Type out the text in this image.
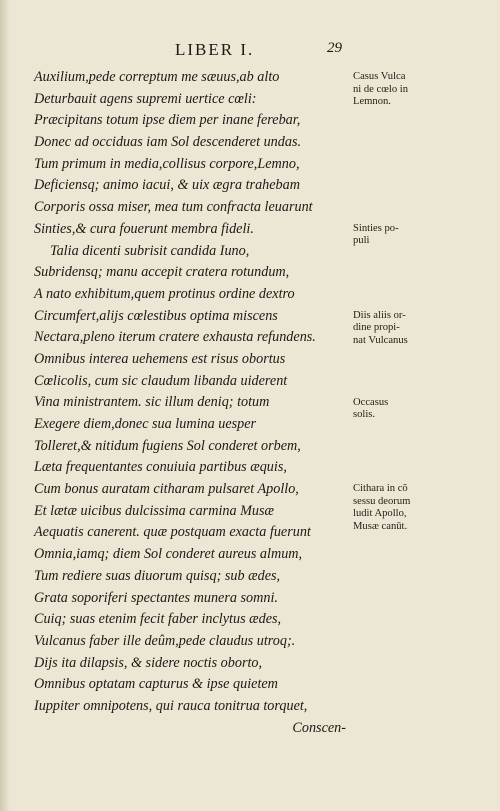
LIBER I.	29
Auxilium,pede correptum me sæuus,ab alto
Deturbauit agens supremi uertice cœli:
Præcipitans totum ipse diem per inane ferebar,
Donec ad occiduas iam Sol descenderet undas.
Tum primum in media,collisus corpore,Lemno,
Deficiensq; animo iacui, & uix ægra trahebam
Corporis ossa miser, mea tum confracta leuarunt
Sinties,& cura fouerunt membra fideli.
Talia dicenti subrisit candida Iuno,
Subridensq; manu accepit cratera rotundum,
A nato exhibitum,quem protinus ordine dextro
Circumfert,alijs cœlestibus optima miscens
Nectara,pleno iterum cratere exhausta refundens.
Omnibus interea uehemens est risus obortus
Cœlicolis, cum sic claudum libanda uiderent
Vina ministrantem. sic illum deniq; totum
Exegere diem,donec sua lumina uesper
Tolleret,& nitidum fugiens Sol conderet orbem,
Læta frequentantes conuiuia partibus æquis,
Cum bonus auratam citharam pulsaret Apollo,
Et lætæ uicibus dulcissima carmina Musæ
Aequatis canerent. quæ postquam exacta fuerunt
Omnia,iamq; diem Sol conderet aureus almum,
Tum rediere suas diuorum quisq; sub ædes,
Grata soporiferi spectantes munera somni.
Cuiq; suas etenim fecit faber inclytus ædes,
Vulcanus faber ille deûm,pede claudus utroq;.
Dijs ita dilapsis, & sidere noctis oborto,
Omnibus optatam capturus & ipse quietem
Iuppiter omnipotens, qui rauca tonitrua torquet,
Conscen-
Casus Vulca
ni de cœlo in
Lemnon.
Sinties po-
puli
Diis aliis or-
dine propi-
nat Vulcanus
Occasus
solis.
Cithara in cõ
sessu deorum
ludit Apollo,
Musæ canūt.
